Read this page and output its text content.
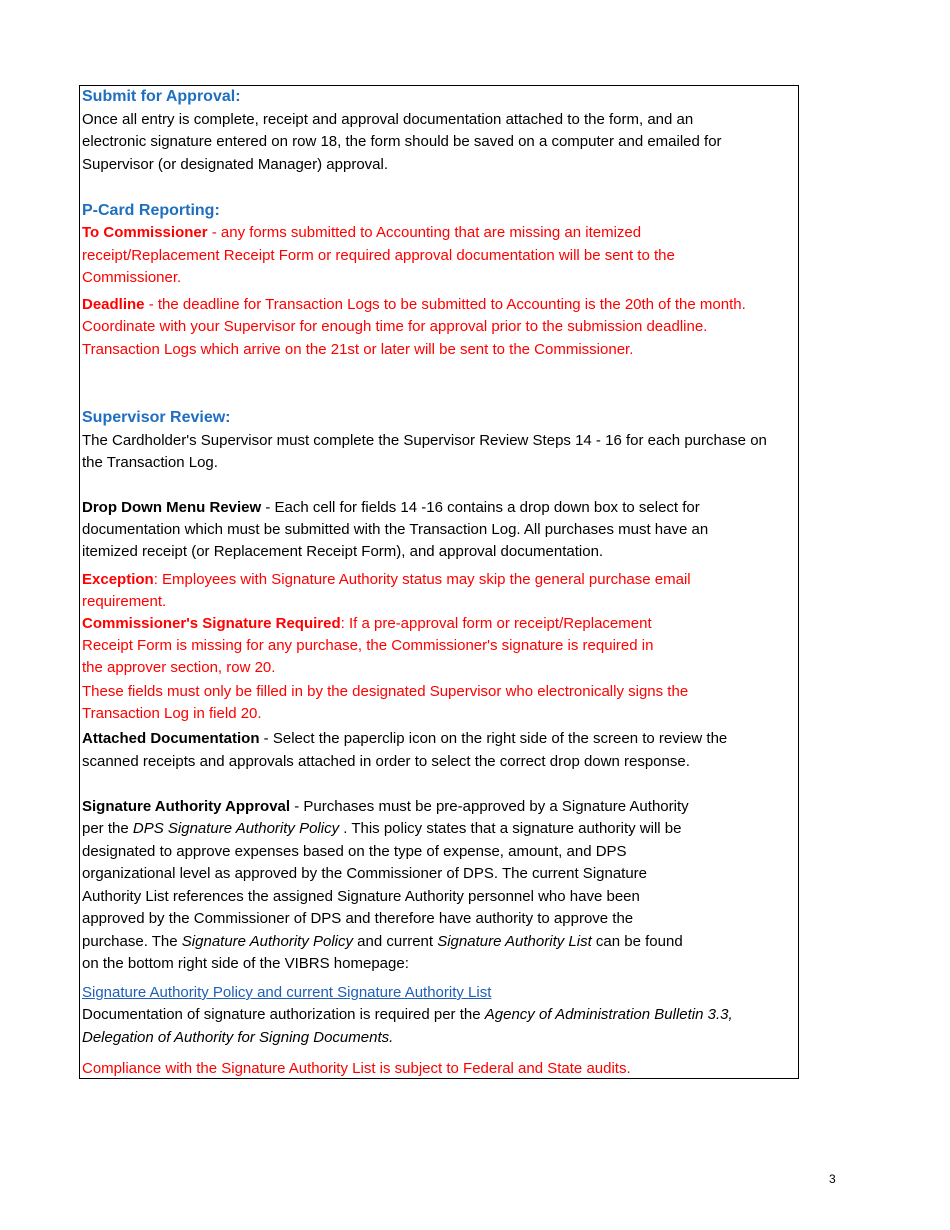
Submit for Approval:
Once all entry is complete, receipt and approval documentation attached to the form, and an
electronic signature entered on row 18, the form should be saved on a computer and emailed for
Supervisor (or designated Manager) approval.
P-Card Reporting:
To Commissioner - any forms submitted to Accounting that are missing an itemized
receipt/Replacement Receipt Form or required approval documentation will be sent to the
Commissioner.
Deadline - the deadline for Transaction Logs to be submitted to Accounting is the 20th of the month.
Coordinate with your Supervisor for enough time for approval prior to the submission deadline.
Transaction Logs which arrive on the 21st or later will be sent to the Commissioner.
Supervisor Review:
The Cardholder's Supervisor must complete the Supervisor Review Steps 14 - 16 for each purchase on
the Transaction Log.
Drop Down Menu Review - Each cell for fields 14 -16 contains a drop down box to select for
documentation which must be submitted with the Transaction Log. All purchases must have an
itemized receipt (or Replacement Receipt Form), and approval documentation.
Exception: Employees with Signature Authority status may skip the general purchase email
requirement.
Commissioner's Signature Required: If a pre-approval form or receipt/Replacement
Receipt Form is missing for any purchase, the Commissioner's signature is required in
the approver section, row 20.
These fields must only be filled in by the designated Supervisor who electronically signs the
Transaction Log in field 20.
Attached Documentation - Select the paperclip icon on the right side of the screen to review the
scanned receipts and approvals attached in order to select the correct drop down response.
Signature Authority Approval - Purchases must be pre-approved by a Signature Authority
per the DPS Signature Authority Policy . This policy states that a signature authority will be
designated to approve expenses based on the type of expense, amount, and DPS
organizational level as approved by the Commissioner of DPS. The current Signature
Authority List references the assigned Signature Authority personnel who have been
approved by the Commissioner of DPS and therefore have authority to approve the
purchase. The Signature Authority Policy and current Signature Authority List can be found
on the bottom right side of the VIBRS homepage:
Signature Authority Policy and current Signature Authority List
Documentation of signature authorization is required per the Agency of Administration Bulletin 3.3,
Delegation of Authority for Signing Documents.
Compliance with the Signature Authority List is subject to Federal and State audits.
3
